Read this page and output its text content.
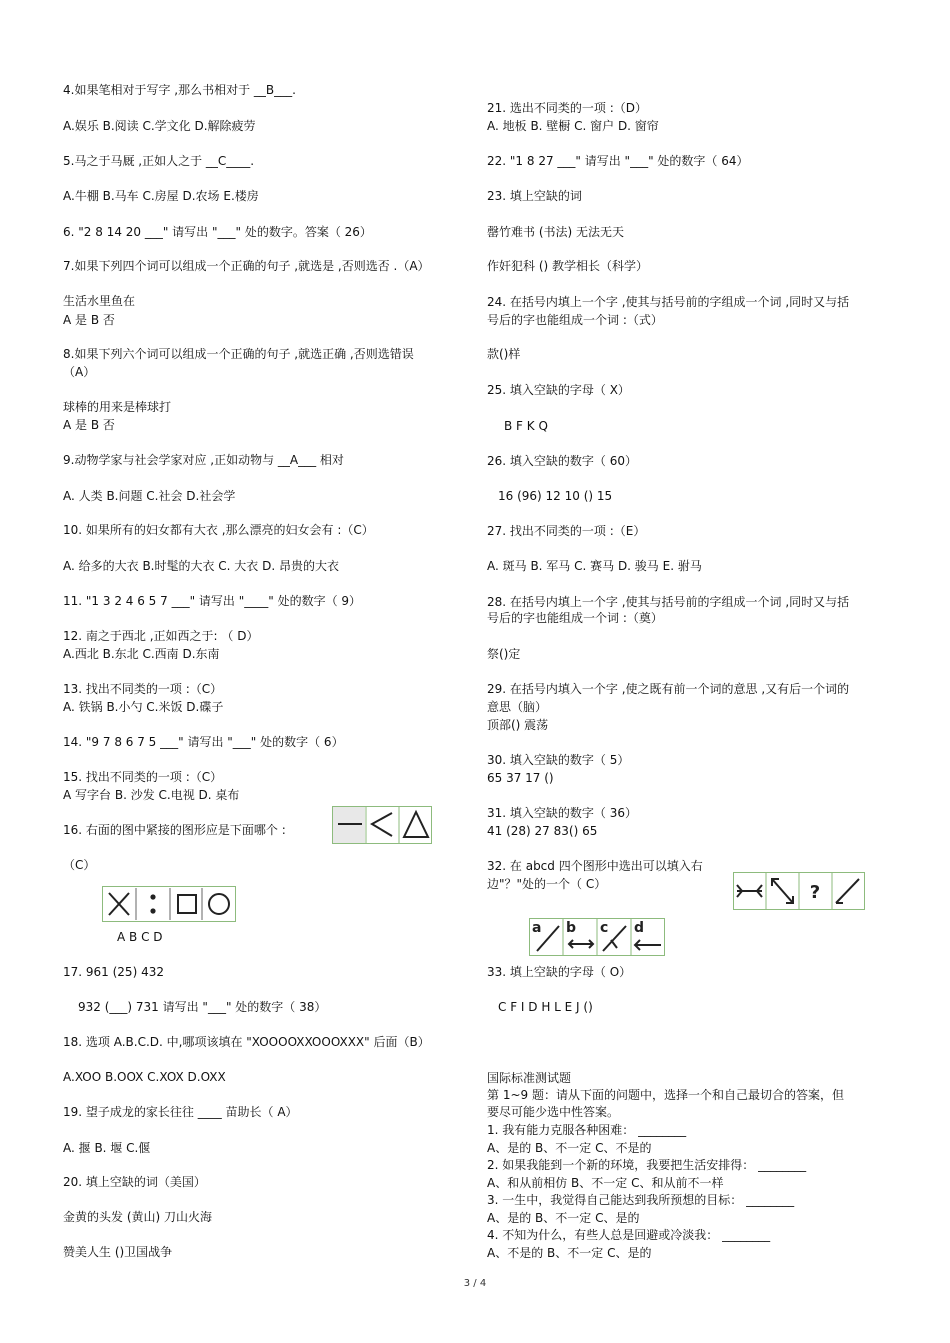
4.如果笔相对于写字 ,那么书相对于 __B___.
A.娱乐 B.阅读 C.学文化 D.解除疲劳
5.马之于马厩 ,正如人之于 __C____.
A.牛棚 B.马车 C.房屋 D.农场 E.楼房
6. "2 8 14 20 ___" 请写出 "___" 处的数字。答案（ 26）
7.如果下列四个词可以组成一个正确的句子 ,就选是 ,否则选否 .（A）
生活水里鱼在
A 是 B 否
8.如果下列六个词可以组成一个正确的句子 ,就选正确 ,否则选错误
（A）
球棒的用来是棒球打
A 是 B 否
9.动物学家与社会学家对应 ,正如动物与 __A___ 相对
A. 人类 B.问题 C.社会 D.社会学
10. 如果所有的妇女都有大衣 ,那么漂亮的妇女会有 :（C）
A. 给多的大衣 B.时髦的大衣 C. 大衣 D. 昂贵的大衣
11. "1 3 2 4 6 5 7 ___" 请写出 "____" 处的数字（ 9）
12. 南之于西北 ,正如西之于: （ D）
A.西北 B.东北 C.西南 D.东南
13. 找出不同类的一项 :（C）
A. 铁锅 B.小勺 C.米饭 D.碟子
14. "9 7 8 6 7 5 ___" 请写出 "___" 处的数字（ 6）
15. 找出不同类的一项 :（C）
A 写字台 B. 沙发 C.电视 D. 桌布
16. 右面的图中紧接的图形应是下面哪个 :
（C）
A B C D
17. 961 (25) 432
932 (___) 731 请写出 "___" 处的数字（ 38）
18. 选项 A.B.C.D. 中,哪项该填在 "XOOOOXXOOOXXX" 后面（B）
A.XOO B.OOX C.XOX D.OXX
19. 望子成龙的家长往往 ____ 苗助长（ A）
A. 揠 B. 堰 C.偃
20. 填上空缺的词（美国）
金黄的头发 (黄山) 刀山火海
赞美人生 ()卫国战争
21. 选出不同类的一项 :（D）
A. 地板 B. 壁橱 C. 窗户 D. 窗帘
22. "1 8 27 ___" 请写出 "___" 处的数字（ 64）
23. 填上空缺的词
罄竹难书 (书法) 无法无天
作奸犯科 () 教学相长（科学）
24. 在括号内填上一个字 ,使其与括号前的字组成一个词 ,同时又与括
号后的字也能组成一个词 :（式）
款()样
25. 填入空缺的字母（ X）
B F K Q
26. 填入空缺的数字（ 60）
16 (96) 12 10 () 15
27. 找出不同类的一项 :（E）
A. 斑马 B. 军马 C. 赛马 D. 骏马 E. 驸马
28. 在括号内填上一个字 ,使其与括号前的字组成一个词 ,同时又与括
号后的字也能组成一个词 :（奠）
祭()定
29. 在括号内填入一个字 ,使之既有前一个词的意思 ,又有后一个词的
意思（脑）
顶部() 震荡
30. 填入空缺的数字（ 5）
65 37 17 ()
31. 填入空缺的数字（ 36）
41 (28) 27 83() 65
32. 在 abcd 四个图形中选出可以填入右
边"？"处的一个（ C）	?
a b c d
33. 填上空缺的字母（ O）
C F I D H L E J ()
国际标准测试题
第 1~9 题：请从下面的问题中，选择一个和自己最切合的答案，但
要尽可能少选中性答案。
1. 我有能力克服各种困难： ________
A、是的 B、不一定 C、不是的
2. 如果我能到一个新的环境，我要把生活安排得： ________
A、和从前相仿 B、不一定 C、和从前不一样
3. 一生中，我觉得自己能达到我所预想的目标： ________
A、是的 B、不一定 C、是的
4. 不知为什么，有些人总是回避或冷淡我： ________
A、不是的 B、不一定 C、是的
3 / 4
